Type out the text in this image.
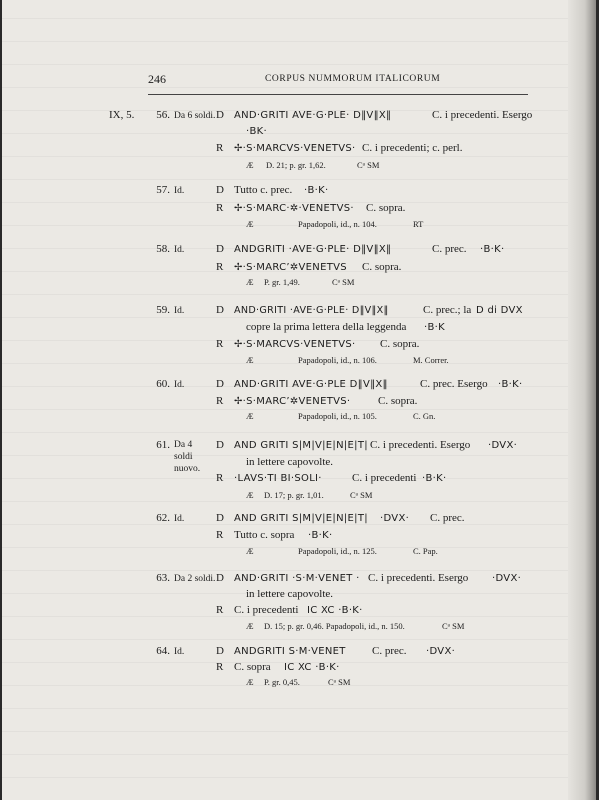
246	CORPUS NUMMORUM ITALICORUM
IX, 5.	56. Da 6 soldi. D AND·GRITI AVE·G·PLE· D‖V‖X‖	C. i precedenti. Esergo
·BK·
R ✢·S·MARCVS·VENETVS· C. i precedenti; c. perl.
Æ D. 21; p. gr. 1,62.	Cᵃ SM
57. Id.	D Tutto c. prec. ·B·K·
R ✢·S·MARC·✲·VENETVS· C. sopra.
Æ	Papadopoli, id., n. 104.	RT
58. Id.	D ANDGRITI ·AVE·G·PLE· D‖V‖X‖	C. prec. ·B·K·
R ✢·S·MARC’✲VENETVS C. sopra.
Æ P. gr. 1,49.	Cᵃ SM
59. Id.	D AND·GRITI ·AVE·G·PLE· D‖V‖X‖	C. prec.; la D di DVX
copre la prima lettera della leggenda ·B·K
R ✢·S·MARCVS·VENETVS· C. sopra.
Æ	Papadopoli, id., n. 106.	M. Correr.
60. Id.	D AND·GRITI AVE·G·PLE D‖V‖X‖	C. prec. Esergo ·B·K·
R ✢·S·MARC’✲VENETVS·	C. sopra.
Æ	Papadopoli, id., n. 105.	C. Gn.
61. Da 4 soldi nuovo.
D AND GRITI S|M|V|E|N|E|T| C. i precedenti. Esergo ·DVX·
in lettere capovolte.
R ·LAVS·TI BI·SOLI·	C. i precedenti ·B·K·
Æ D. 17; p. gr. 1,01.	Cᵃ SM
62. Id.	D AND GRITI S|M|V|E|N|E|T| ·DVX· C. prec.
R Tutto c. sopra ·B·K·
Æ	Papadopoli, id., n. 125.	C. Pap.
63. Da 2 soldi. D AND·GRITI ·S·M·VENET · C. i precedenti. Esergo ·DVX·
in lettere capovolte.
R C. i precedenti IC XC ·B·K·
Æ D. 15; p. gr. 0,46. Papadopoli, id., n. 150.	Cᵃ SM
64. Id.	D ANDGRITI S·M·VENET C. prec. ·DVX·
R C. sopra IC XC ·B·K·
Æ P. gr. 0,45.	Cᵃ SM
